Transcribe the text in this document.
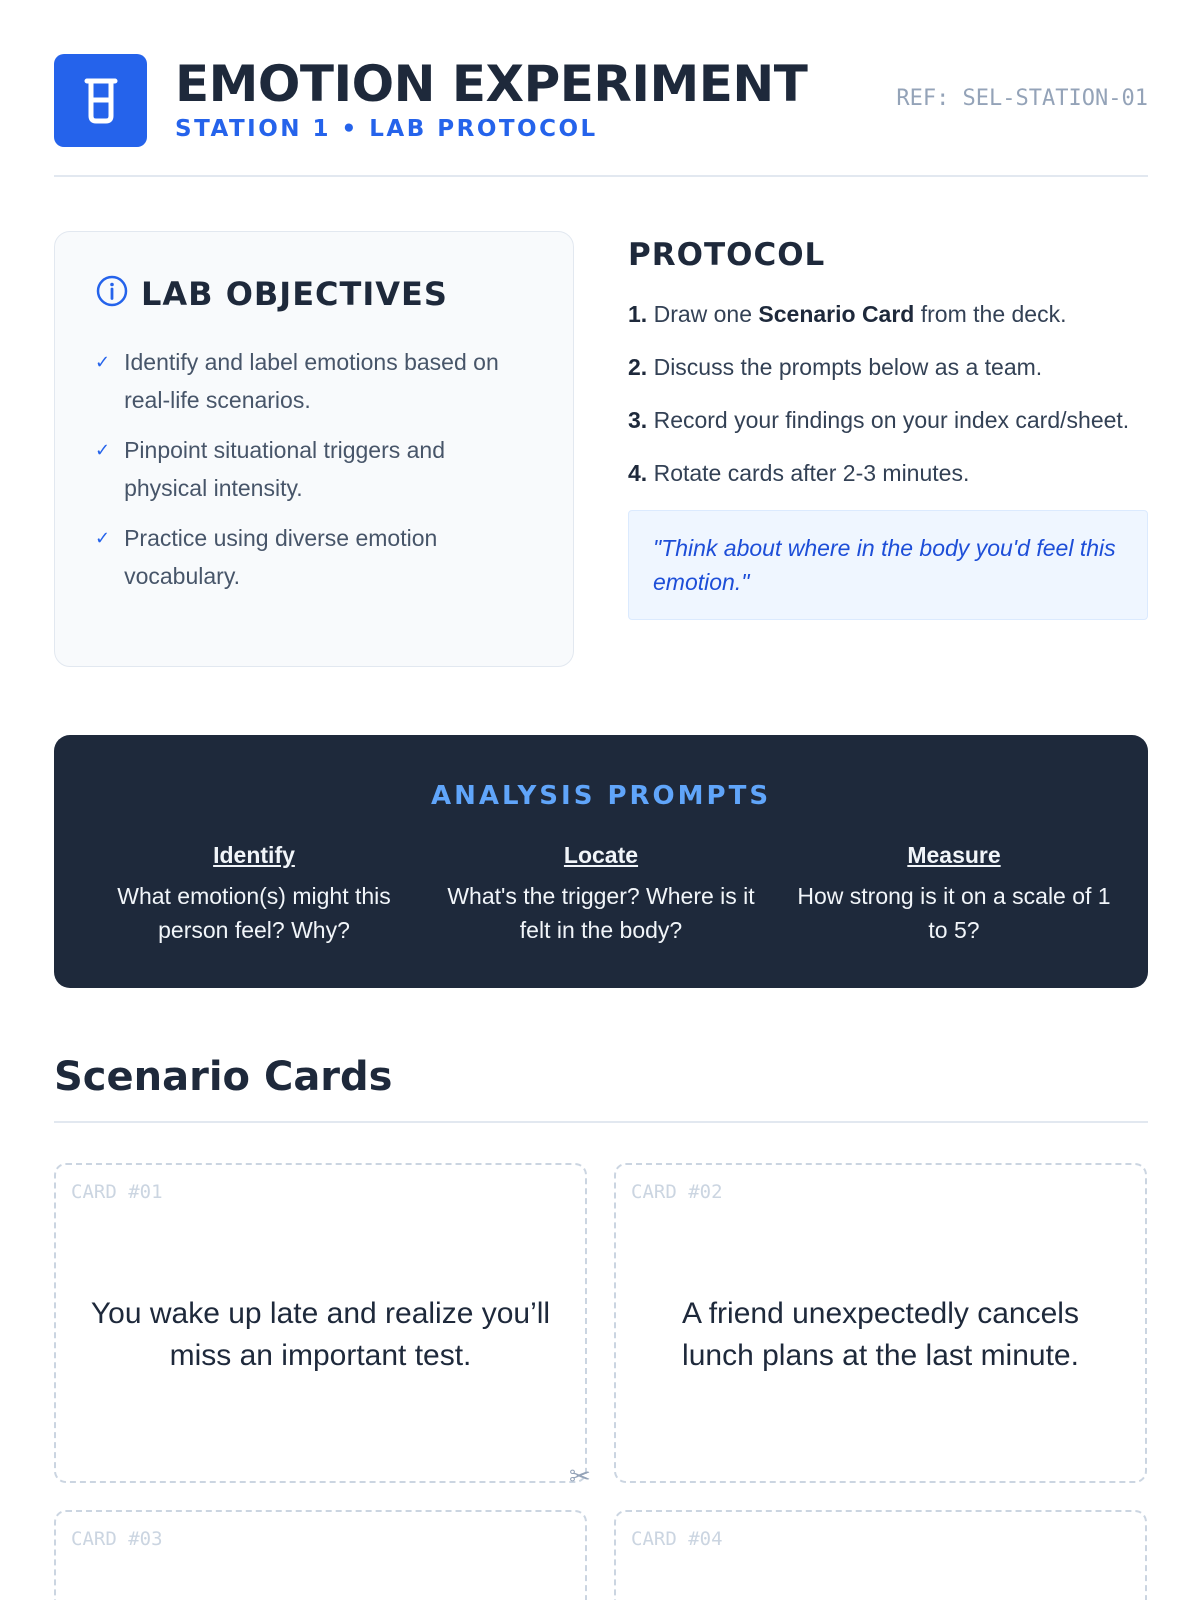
EMOTION EXPERIMENT
STATION 1 • LAB PROTOCOL
REF: SEL-STATION-01
LAB OBJECTIVES
✓ Identify and label emotions based on real-life scenarios.
✓ Pinpoint situational triggers and physical intensity.
✓ Practice using diverse emotion vocabulary.
PROTOCOL
1. Draw one Scenario Card from the deck.
2. Discuss the prompts below as a team.
3. Record your findings on your index card/sheet.
4. Rotate cards after 2-3 minutes.
"Think about where in the body you'd feel this emotion."
ANALYSIS PROMPTS
Identify
What emotion(s) might this person feel? Why?
Locate
What's the trigger? Where is it felt in the body?
Measure
How strong is it on a scale of 1 to 5?
Scenario Cards
CARD #01
You wake up late and realize you’ll miss an important test.
CARD #02
A friend unexpectedly cancels lunch plans at the last minute.
✂
CARD #03	CARD #04
